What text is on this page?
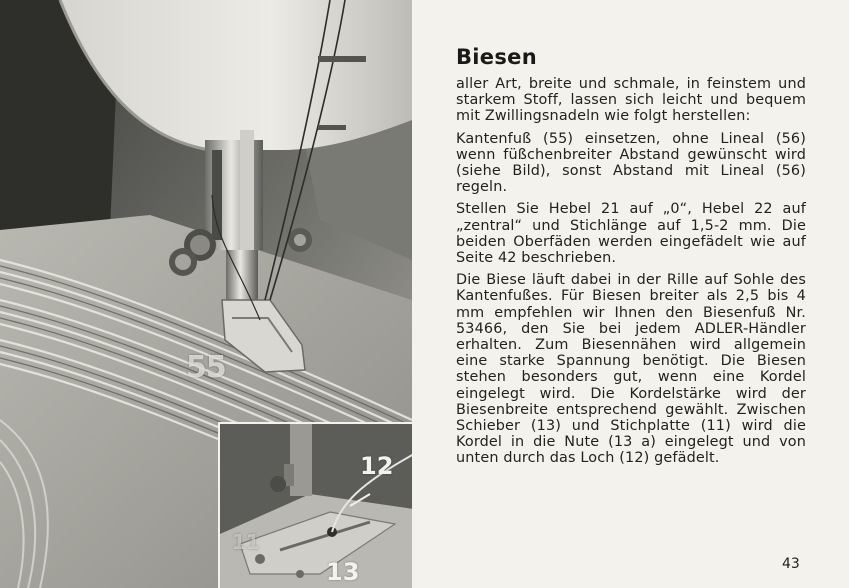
55
12
13
11
Biesen

aller Art, breite und schmale, in feinstem und starkem Stoff, lassen sich leicht und bequem mit Zwillingsnadeln wie folgt herstellen:

Kantenfuß (55) einsetzen, ohne Lineal (56) wenn füßchenbreiter Abstand gewünscht wird (siehe Bild), sonst Abstand mit Lineal (56) regeln.

Stellen Sie Hebel 21 auf „0“, Hebel 22 auf „zentral“ und Stichlänge auf 1,5-2 mm. Die beiden Oberfäden werden eingefädelt wie auf Seite 42 beschrieben.

Die Biese läuft dabei in der Rille auf Sohle des Kantenfußes. Für Biesen breiter als 2,5 bis 4 mm empfehlen wir Ihnen den Biesenfuß Nr. 53466, den Sie bei jedem ADLER-Händler erhalten. Zum Biesennähen wird allgemein eine starke Spannung benötigt. Die Biesen stehen besonders gut, wenn eine Kordel eingelegt wird. Die Kordelstärke wird der Biesenbreite entsprechend gewählt. Zwischen Schieber (13) und Stichplatte (11) wird die Kordel in die Nute (13 a) eingelegt und von unten durch das Loch (12) gefädelt.

43
